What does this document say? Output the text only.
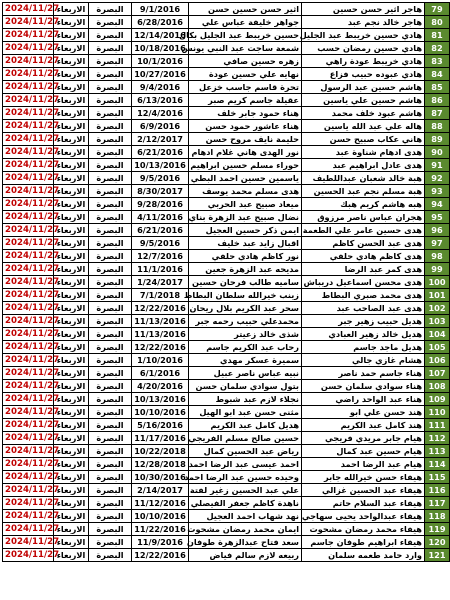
79	هاجر اثير حسن حسين	اثير حسن حسين حسن	9/1/2016	البصرة	الاربعاء	2024/11/27
80	هاجر خالد نجم عبد	جواهر خليفة عباس علي	6/28/2016	البصرة	الاربعاء	2024/11/27
81	هادي حسين خريبط عبد الجليل	حسين خريبط عبد الجليل بكال	12/14/2016	البصرة	الاربعاء	2024/11/27
82	هادي حسين رمضان حسب	شمعة ساجت عبد النبي يونس	10/18/2016	البصرة	الاربعاء	2024/11/27
83	هادي خريبط عودة راهي	زهره حسين صافي	10/1/2016	البصرة	الاربعاء	2024/11/27
84	هادي عبوده حبيب فزاع	نهايه علي حسين عودة	10/27/2016	البصرة	الاربعاء	2024/11/27
85	هاشم حسين عبد الرسول	تحرة قاسم جاسب خزعل	9/4/2016	البصرة	الاربعاء	2024/11/27
86	هاشم حسين علي ياسين	عقيلة جاسم كريم صبر	6/13/2016	البصرة	الاربعاء	2024/11/27
87	هاشم عبود خلف محمد	هناء حمود جابر خلف	12/4/2016	البصرة	الاربعاء	2024/11/27
88	هاله علي عبد الله ياسين	هناء عاشور حمود حسن	6/9/2016	البصرة	الاربعاء	2024/11/27
89	هاني عكاب صبيح حسن	حليمة نايف مروح حسن	2/12/2017	البصرة	الاربعاء	2024/11/27
90	هدى ادهام شناوة عبد	نور الهدى هاني غلام ادهام	6/21/2016	البصرة	الاربعاء	2024/11/27
91	هدى عادل ابراهيم عبد	حوراء مسلم حسين ابراهيم	10/13/2016	البصرة	الاربعاء	2024/11/27
92	هبة خالد شعبان عبداللطيف	ياسمين حسين احمد البطي	9/5/2016	البصرة	الاربعاء	2024/11/27
93	هبة مسلم نجم عبد الحسين	هدى مسلم محمد يوسف	8/30/2017	البصرة	الاربعاء	2024/11/27
94	هبه هاشم كريم هبك	ميعاد صبيح عبد الحربي	9/28/2016	البصرة	الاربعاء	2024/11/27
95	هجران عباس ناصر مرزوق	نضال صبيح عبد الزهرة بناي	4/11/2016	البصرة	الاربعاء	2024/11/27
96	هدى حسين عامر علي الطعمة	ايمن ذكر حسين العجيل	6/21/2016	البصرة	الاربعاء	2024/11/27
97	هدى عبد الحسن كاظم	اقبال زايد عبد خليف	9/5/2016	البصرة	الاربعاء	2024/11/27
98	هدى كاظم هادي حلفي	نور كاظم هادي حلفي	12/7/2016	البصرة	الاربعاء	2024/11/27
99	هدى كمر عبد الرضا	مديحه عبد الزهرة جعين	11/1/2016	البصرة	الاربعاء	2024/11/27
100	هدى محسن اسماعيل دريباش	ساميه طالب فرحان حسين	1/24/2017	البصرة	الاربعاء	2024/11/27
101	هدى محمد صبري البطاط	زينب خيرالله سلطان البطاط	7/1/2018	البصرة	الاربعاء	2024/11/27
102	هدى عبد الصاحب عبد	سحر عبد الكريم بلال ريحان	12/22/2016	البصرة	الاربعاء	2024/11/27
103	هديل حبيب زهير جبر	محمدعلي حبيب رحمه جبر	11/13/2016	البصرة	الاربعاء	2024/11/27
104	هديل خالد زهير العبادي	شذى خالد زعيتر	11/13/2016	البصرة	الاربعاء	2024/11/27
105	هديل ماجد جاسم	رحاب عبد الكريم جاسم	12/22/2016	البصرة	الاربعاء	2024/11/27
106	هشام غازي جالي	سميرة عسكر مهدي	1/10/2016	البصرة	الاربعاء	2024/11/27
107	هناء جاسم حمد ناصر	نبيه عباس ناصر عبيل	6/1/2016	البصرة	الاربعاء	2024/11/27
108	هناء سوادي سلمان حسن	بتول سوادي سلمان حسن	4/20/2016	البصرة	الاربعاء	2024/11/27
109	هناء عبد الواحد راضي	نجلاء لازم عبد شبوط	10/13/2016	البصرة	الاربعاء	2024/11/27
110	هند حسن علي ابو	مثنى حسن عبد ابو الهيل	10/10/2016	البصرة	الاربعاء	2024/11/27
111	هند كامل عبد الكريم	هديل كامل عبد الكريم	5/16/2016	البصرة	الاربعاء	2024/11/27
112	هيام جابر مريدي فريجي	حسين صالح مسلم الفريجي	11/17/2016	البصرة	الاربعاء	2024/11/27
113	هيام حسين عبد كمال	رياض عبد الحسين كمال	10/22/2018	البصرة	الاربعاء	2024/11/27
114	هيام عبد الرضا احمد	احمد عيسى عبد الرضا احمد	12/28/2018	البصرة	الاربعاء	2024/11/27
115	هيفاء حسن خيرالله جابر	وحيده حسين عبد الرضا احمد	10/30/2016	البصرة	الاربعاء	2024/11/27
116	هيفاء عبد الحسين غزالي	علي عبد الحسين زغير لفتة	2/14/2017	البصرة	الاربعاء	2024/11/27
117	هيفاء عبد السلام حاتم	ناهدة كاظم جعفر الفيصلي	11/12/2016	البصرة	الاربعاء	2024/11/27
118	هيفاء عبدالواحد يحيى سهاجي	نهد شهاب احمد العجيل	10/10/2016	البصرة	الاربعاء	2024/11/27
119	هيفاء محمد رمضان مشحوت	ايمان محمد رمضان مشحوت	11/22/2016	البصرة	الاربعاء	2024/11/27
120	هيفاء ابراهيم طوفان جاسم	سعد فتاح عبدالزهرة طوفان	11/9/2016	البصرة	الاربعاء	2024/11/27
121	وارد حامد طعمه سلمان	ربيعه لازم سالم فياض	12/22/2016	البصرة	الاربعاء	2024/11/27
